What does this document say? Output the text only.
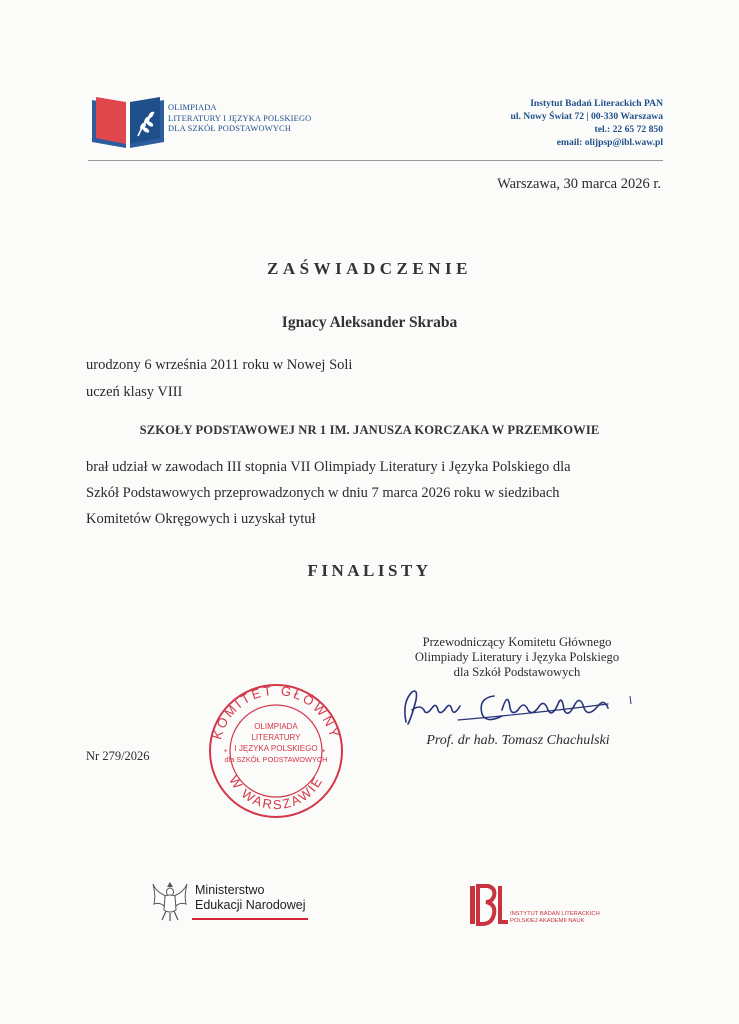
OLIMPIADA
LITERATURY I JĘZYKA POLSKIEGO
DLA SZKÓŁ PODSTAWOWYCH
Instytut Badań Literackich PAN
ul. Nowy Świat 72 | 00-330 Warszawa
tel.: 22 65 72 850
email: olijpsp@ibl.waw.pl
Warszawa, 30 marca 2026 r.
ZAŚWIADCZENIE
Ignacy Aleksander Skraba
urodzony 6 września 2011 roku w Nowej Soli
uczeń klasy VIII
SZKOŁY PODSTAWOWEJ NR 1 IM. JANUSZA KORCZAKA W PRZEMKOWIE
brał udział w zawodach III stopnia VII Olimpiady Literatury i Języka Polskiego dla
Szkół Podstawowych przeprowadzonych w dniu 7 marca 2026 roku w siedzibach
Komitetów Okręgowych i uzyskał tytuł
FINALISTY
Przewodniczący Komitetu Głównego
Olimpiady Literatury i Języka Polskiego
dla Szkół Podstawowych
Prof. dr hab. Tomasz Chachulski
Nr 279/2026
KOMITET GŁÓWNY
W WARSZAWIE
OLIMPIADA
LITERATURY
I JĘZYKA POLSKIEGO
dla SZKÓŁ PODSTAWOWYCH
*	*
Ministerstwo
Edukacji Narodowej
INSTYTUT BADAŃ LITERACKICH
POLSKIEJ AKADEMII NAUK
